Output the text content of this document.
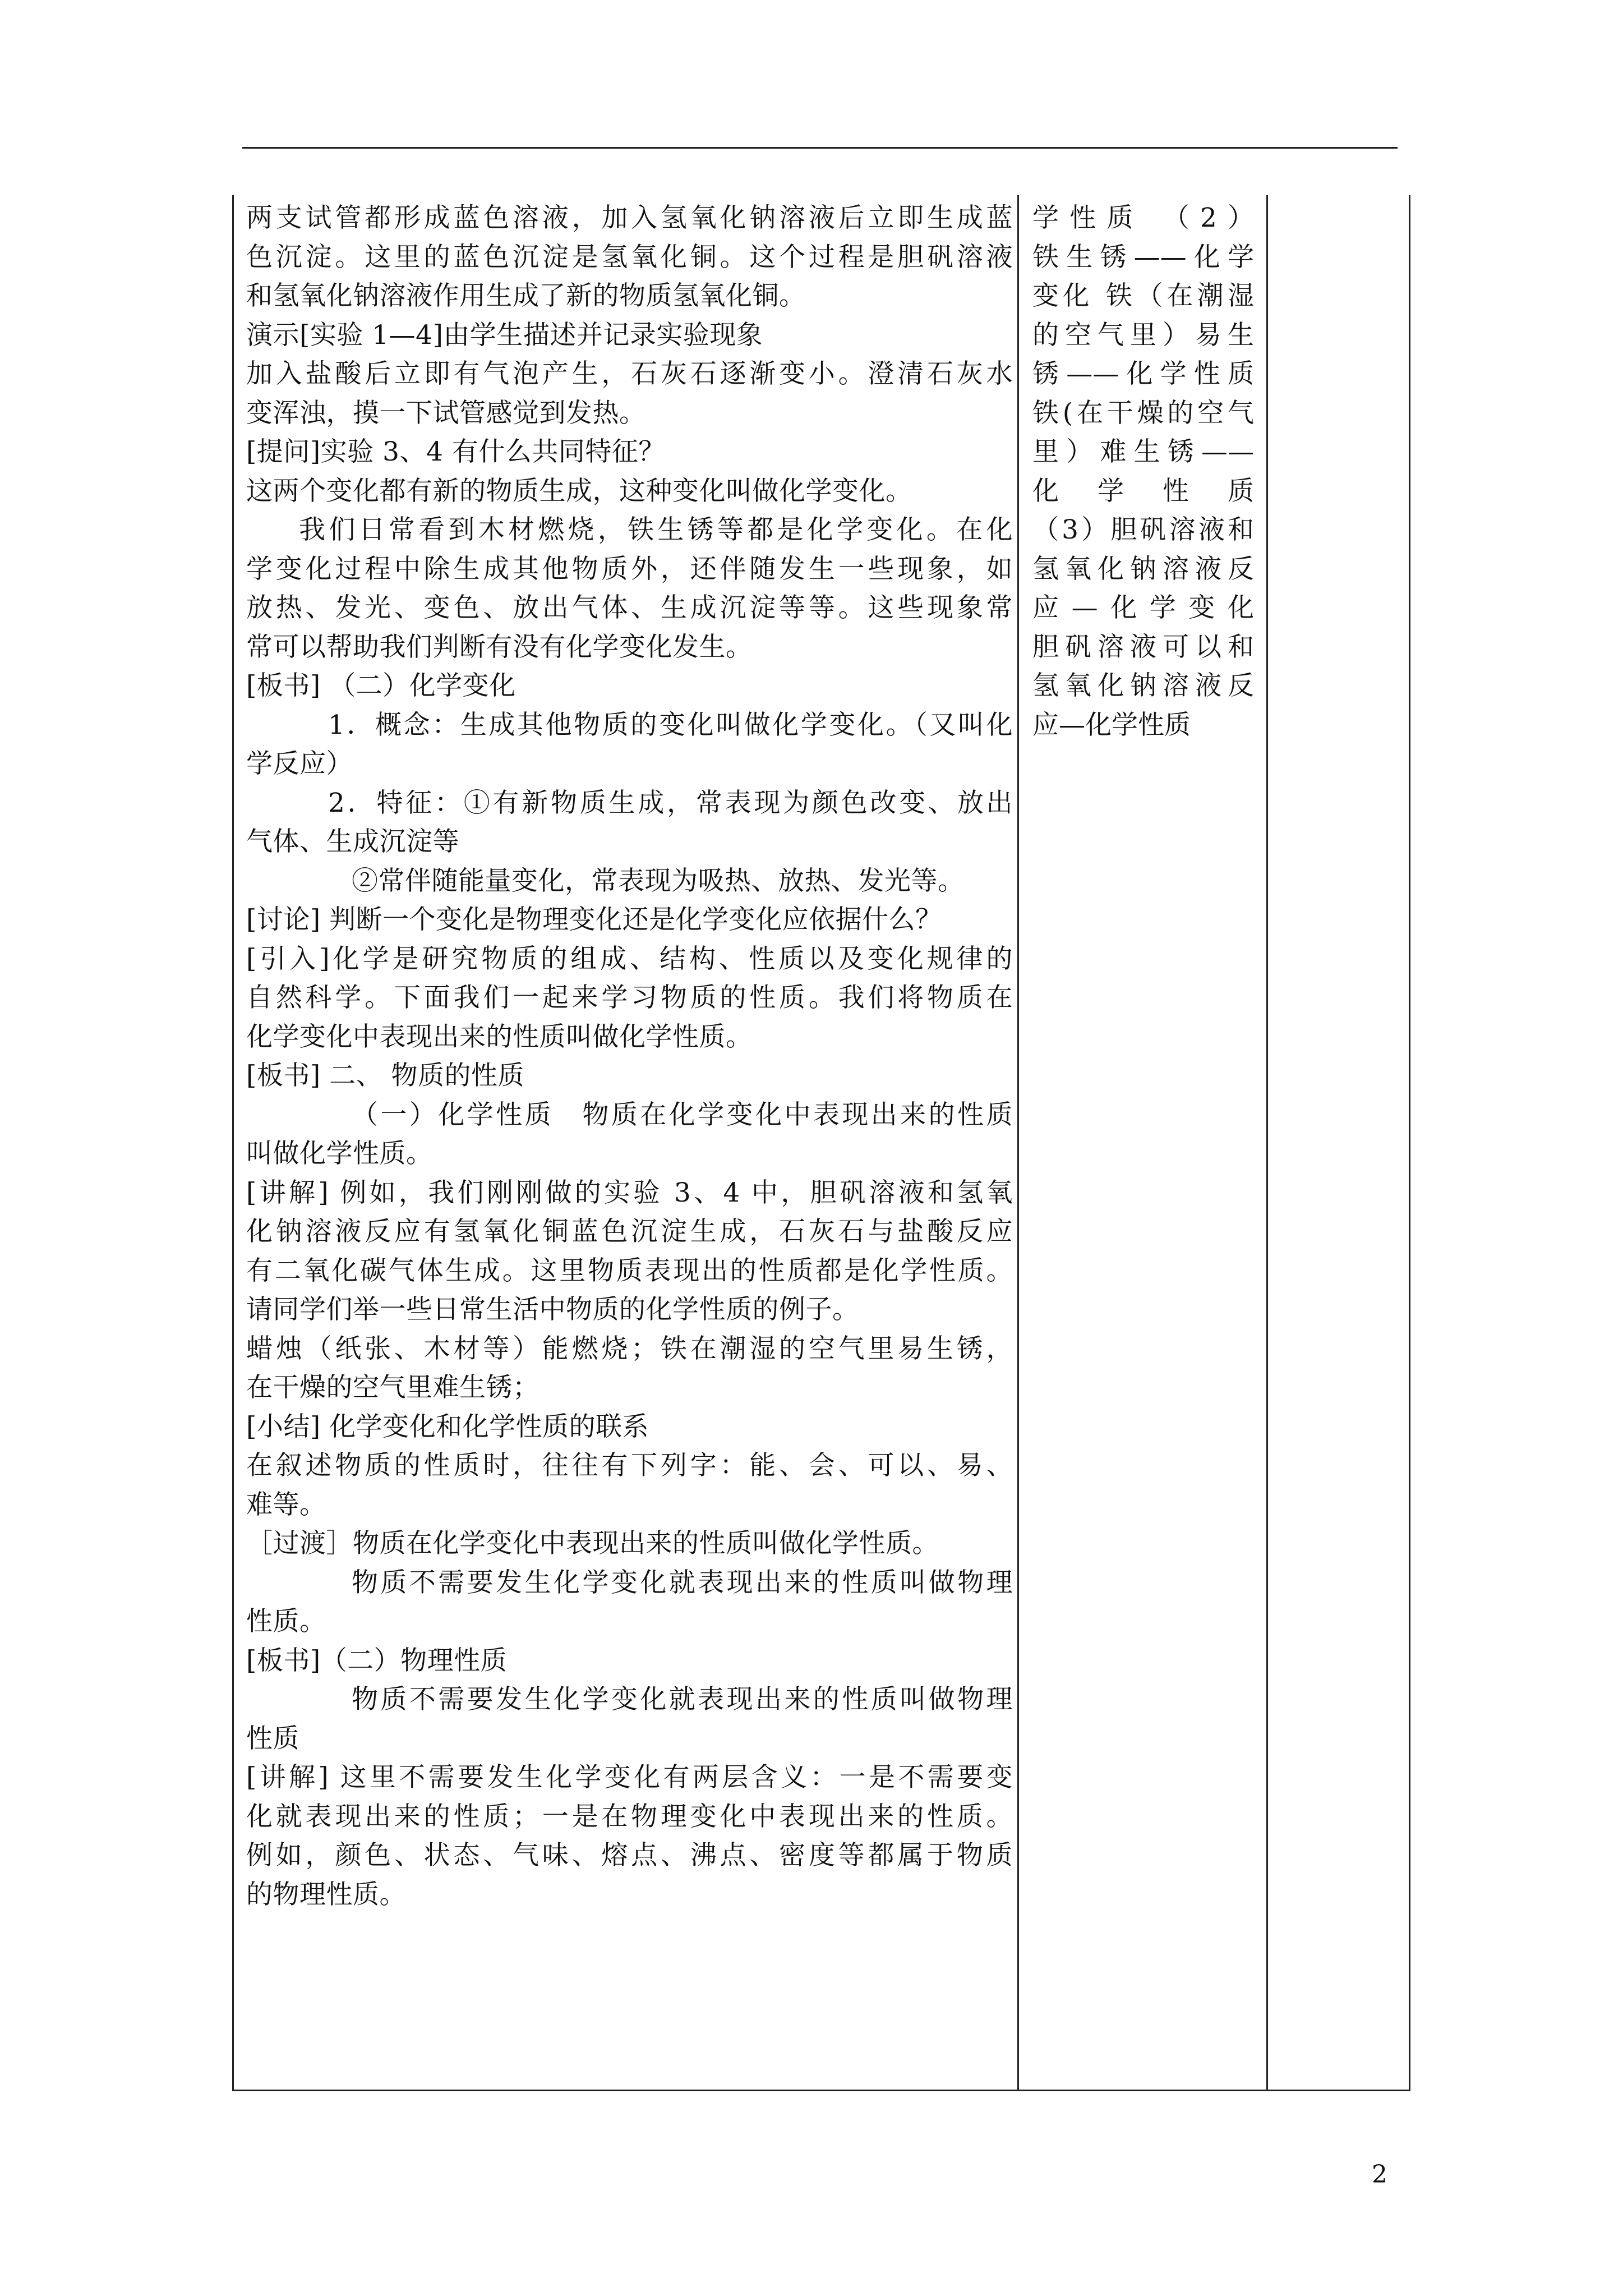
两支试管都形成蓝色溶液，加入氢氧化钠溶液后立即生成蓝
色沉淀。这里的蓝色沉淀是氢氧化铜。这个过程是胆矾溶液
和氢氧化钠溶液作用生成了新的物质氢氧化铜。
演示[实验 1—4]由学生描述并记录实验现象
加入盐酸后立即有气泡产生，石灰石逐渐变小。澄清石灰水
变浑浊，摸一下试管感觉到发热。
[提问]实验 3、4 有什么共同特征？
这两个变化都有新的物质生成，这种变化叫做化学变化。
我们日常看到木材燃烧，铁生锈等都是化学变化。在化
学变化过程中除生成其他物质外，还伴随发生一些现象，如
放热、发光、变色、放出气体、生成沉淀等等。这些现象常
常可以帮助我们判断有没有化学变化发生。
[板书] （二）化学变化
1．概念：生成其他物质的变化叫做化学变化。（又叫化
学反应）
2．特征：①有新物质生成，常表现为颜色改变、放出
气体、生成沉淀等
②常伴随能量变化，常表现为吸热、放热、发光等。
[讨论] 判断一个变化是物理变化还是化学变化应依据什么？
[引入]化学是研究物质的组成、结构、性质以及变化规律的
自然科学。下面我们一起来学习物质的性质。我们将物质在
化学变化中表现出来的性质叫做化学性质。
[板书] 二、 物质的性质
（一）化学性质　物质在化学变化中表现出来的性质
叫做化学性质。
[讲解] 例如，我们刚刚做的实验 3、4 中，胆矾溶液和氢氧
化钠溶液反应有氢氧化铜蓝色沉淀生成，石灰石与盐酸反应
有二氧化碳气体生成。这里物质表现出的性质都是化学性质。
请同学们举一些日常生活中物质的化学性质的例子。
蜡烛（纸张、木材等）能燃烧；铁在潮湿的空气里易生锈，
在干燥的空气里难生锈；
[小结] 化学变化和化学性质的联系
在叙述物质的性质时，往往有下列字：能、会、可以、易、
难等。
［过渡］物质在化学变化中表现出来的性质叫做化学性质。
物质不需要发生化学变化就表现出来的性质叫做物理
性质。
[板书]（二）物理性质
物质不需要发生化学变化就表现出来的性质叫做物理
性质
[讲解] 这里不需要发生化学变化有两层含义：一是不需要变
化就表现出来的性质；一是在物理变化中表现出来的性质。
例如，颜色、状态、气味、熔点、沸点、密度等都属于物质
的物理性质。

学性质 （2）
铁生锈——化学
变化 铁（在潮湿
的空气里）易生
锈——化学性质
铁(在干燥的空气
里）难生锈——
化 学 性 质
（3）胆矾溶液和
氢氧化钠溶液反
应—化学变化
胆矾溶液可以和
氢氧化钠溶液反
应—化学性质

2
